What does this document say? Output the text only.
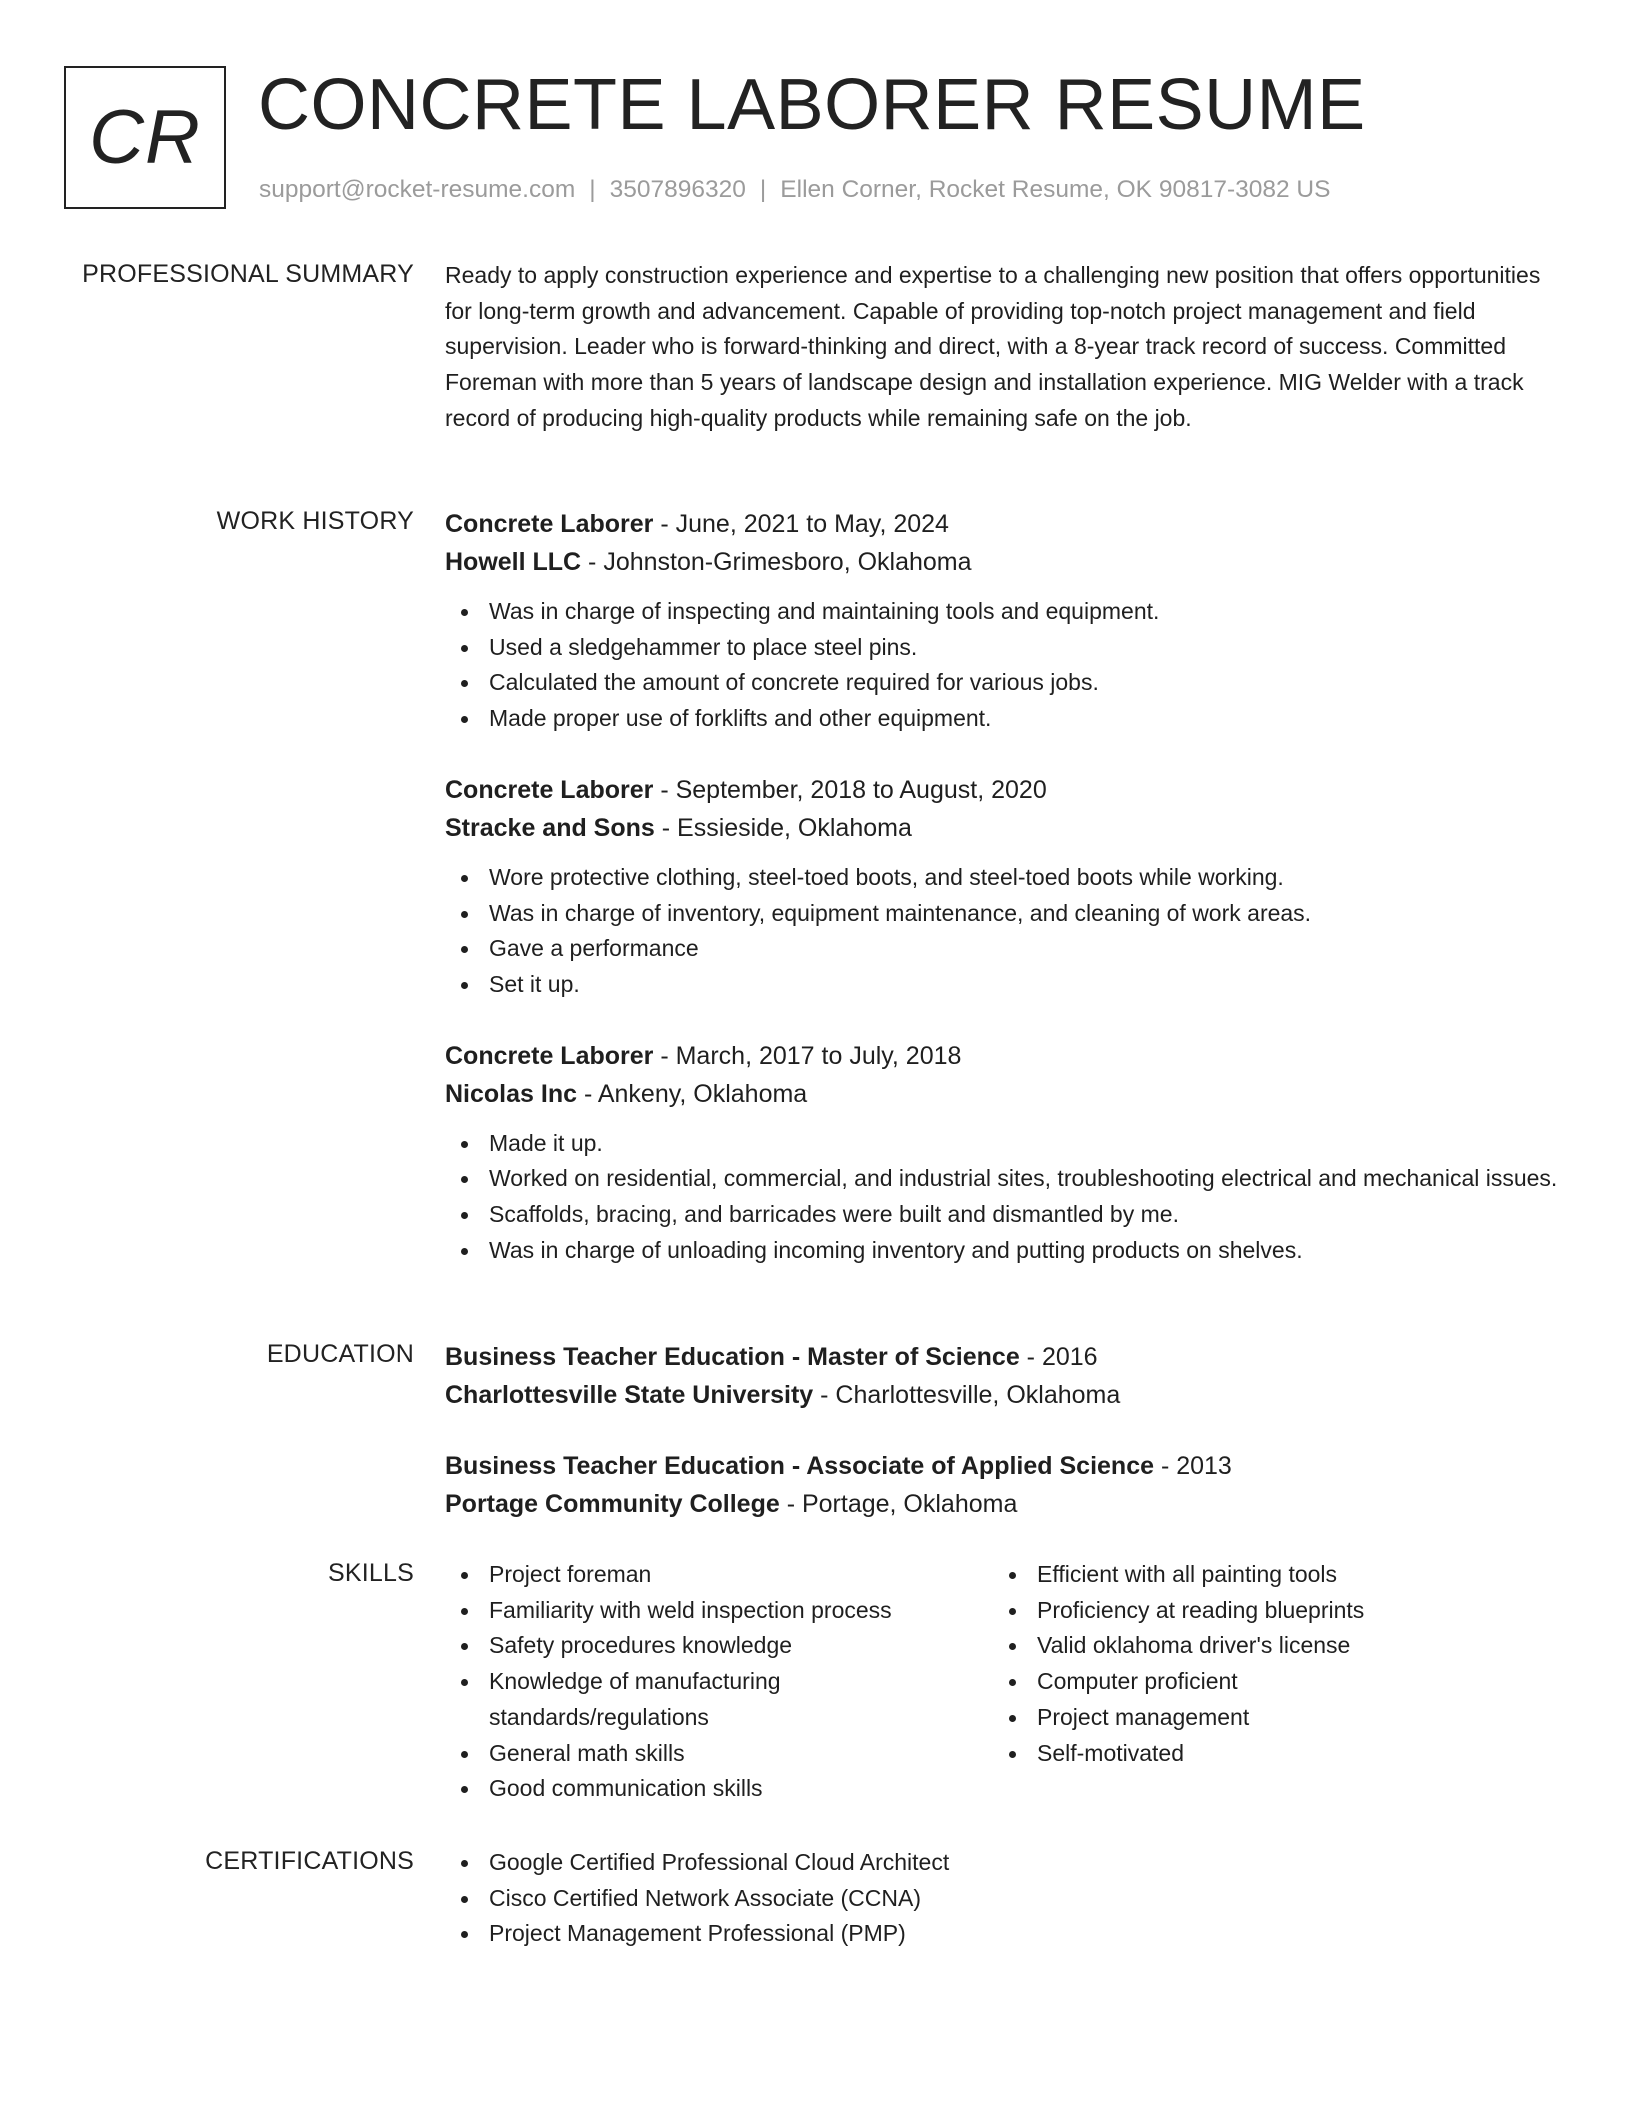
CR CONCRETE LABORER RESUME
support@rocket-resume.com | 3507896320 | Ellen Corner, Rocket Resume, OK 90817-3082 US
PROFESSIONAL SUMMARY Ready to apply construction experience and expertise to a challenging new position that offers opportunities for long-term growth and advancement. Capable of providing top-notch project management and field supervision. Leader who is forward-thinking and direct, with a 8-year track record of success. Committed Foreman with more than 5 years of landscape design and installation experience. MIG Welder with a track record of producing high-quality products while remaining safe on the job.
WORK HISTORY Concrete Laborer - June, 2021 to May, 2024
Howell LLC - Johnston-Grimesboro, Oklahoma
Was in charge of inspecting and maintaining tools and equipment.
Used a sledgehammer to place steel pins.
Calculated the amount of concrete required for various jobs.
Made proper use of forklifts and other equipment.
Concrete Laborer - September, 2018 to August, 2020
Stracke and Sons - Essieside, Oklahoma
Wore protective clothing, steel-toed boots, and steel-toed boots while working.
Was in charge of inventory, equipment maintenance, and cleaning of work areas.
Gave a performance
Set it up.
Concrete Laborer - March, 2017 to July, 2018
Nicolas Inc - Ankeny, Oklahoma
Made it up.
Worked on residential, commercial, and industrial sites, troubleshooting electrical and mechanical issues.
Scaffolds, bracing, and barricades were built and dismantled by me.
Was in charge of unloading incoming inventory and putting products on shelves.
EDUCATION Business Teacher Education - Master of Science - 2016
Charlottesville State University - Charlottesville, Oklahoma
Business Teacher Education - Associate of Applied Science - 2013
Portage Community College - Portage, Oklahoma
SKILLS	Project foreman
Familiarity with weld inspection process
Safety procedures knowledge
Knowledge of manufacturing standards/regulations
General math skills
Good communication skills
Efficient with all painting tools
Proficiency at reading blueprints
Valid oklahoma driver's license
Computer proficient
Project management
Self-motivated
CERTIFICATIONS	Google Certified Professional Cloud Architect
Cisco Certified Network Associate (CCNA)
Project Management Professional (PMP)
